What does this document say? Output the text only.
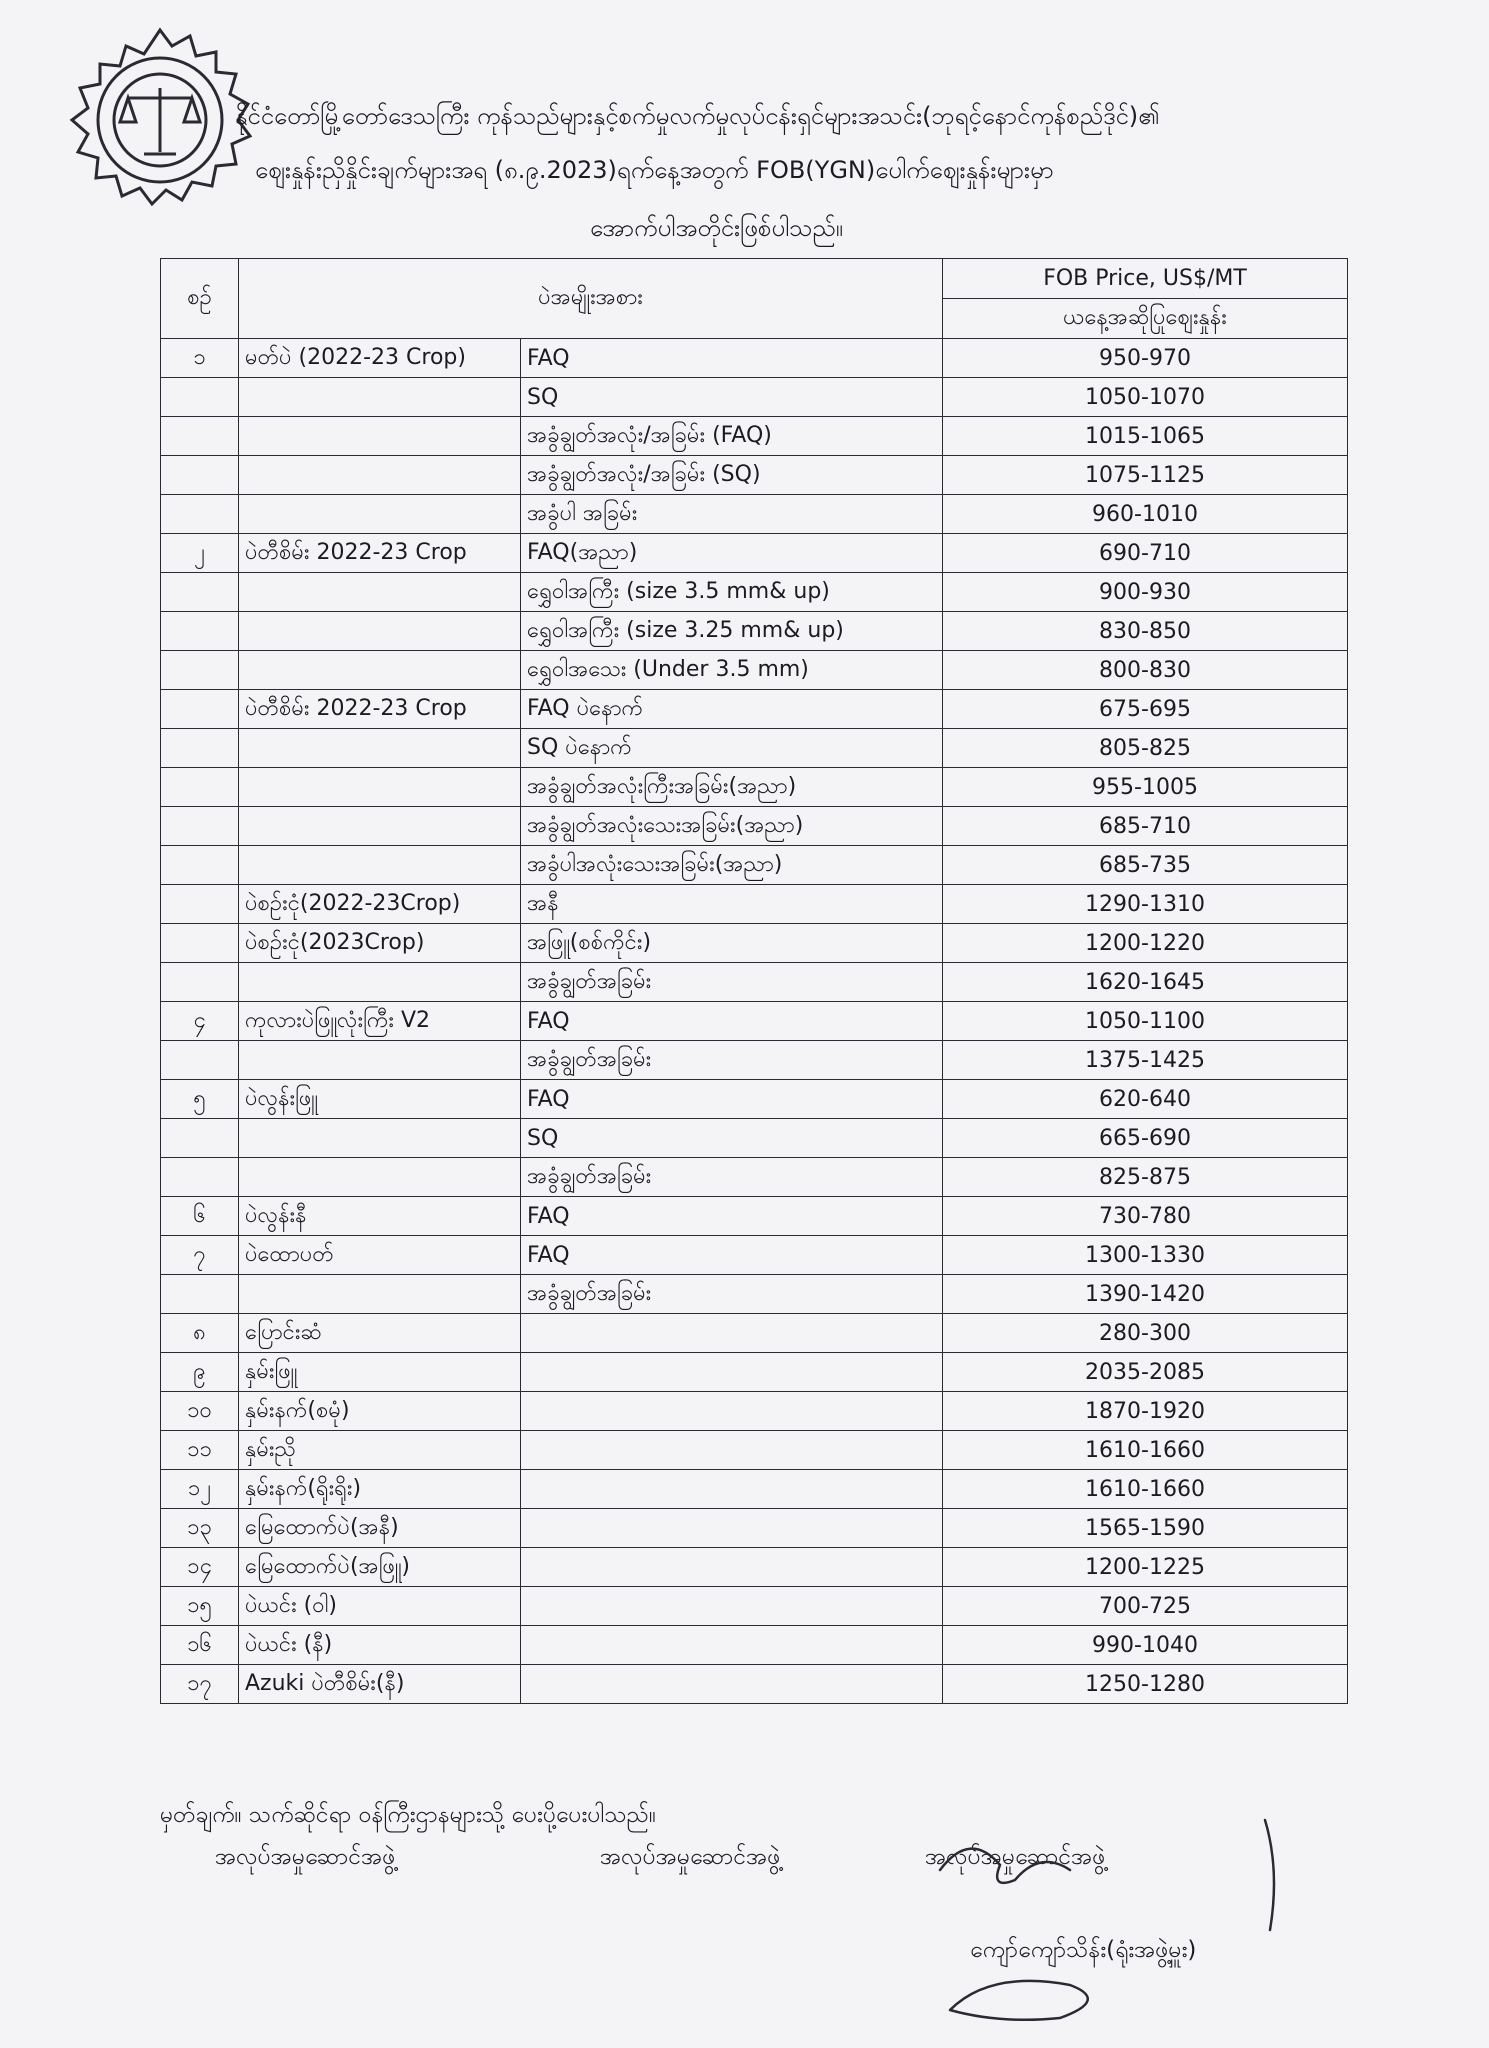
နိုင်ငံတော်မြို့တော်ဒေသကြီး ကုန်သည်များနှင့်စက်မှုလက်မှုလုပ်ငန်းရှင်များအသင်း(ဘုရင့်နောင်ကုန်စည်ဒိုင်)၏
ဈေးနှုန်းညှိနှိုင်းချက်များအရ (၈.၉.2023)ရက်နေ့အတွက် FOB(YGN)ပေါက်ဈေးနှုန်းများမှာ
အောက်ပါအတိုင်းဖြစ်ပါသည်။
စဉ်	ပဲအမျိုးအစား		FOB Price, US$/MT
			ယနေ့အဆိုပြုဈေးနှုန်း
၁	မတ်ပဲ (2022-23 Crop)	FAQ	950-970
		SQ	1050-1070
		အခွံချွတ်အလုံး/အခြမ်း (FAQ)	1015-1065
		အခွံချွတ်အလုံး/အခြမ်း (SQ)	1075-1125
		အခွံပါ အခြမ်း	960-1010
၂	ပဲတီစိမ်း 2022-23 Crop	FAQ(အညာ)	690-710
		ရွှေဝါအကြီး (size 3.5 mm& up)	900-930
		ရွှေဝါအကြီး (size 3.25 mm& up)	830-850
		ရွှေဝါအသေး (Under 3.5 mm)	800-830
	ပဲတီစိမ်း 2022-23 Crop	FAQ ပဲနောက်	675-695
		SQ ပဲနောက်	805-825
		အခွံချွတ်အလုံးကြီးအခြမ်း(အညာ)	955-1005
		အခွံချွတ်အလုံးသေးအခြမ်း(အညာ)	685-710
		အခွံပါအလုံးသေးအခြမ်း(အညာ)	685-735
	ပဲစဉ်းငုံ(2022-23Crop)	အနီ	1290-1310
	ပဲစဉ်းငုံ(2023Crop)	အဖြူ(စစ်ကိုင်း)	1200-1220
		အခွံချွတ်အခြမ်း	1620-1645
၄	ကုလားပဲဖြူလုံးကြီး V2	FAQ	1050-1100
		အခွံချွတ်အခြမ်း	1375-1425
၅	ပဲလွန်းဖြူ	FAQ	620-640
		SQ	665-690
		အခွံချွတ်အခြမ်း	825-875
၆	ပဲလွန်းနီ	FAQ	730-780
၇	ပဲထောပတ်	FAQ	1300-1330
		အခွံချွတ်အခြမ်း	1390-1420
၈	ပြောင်းဆံ		280-300
၉	နှမ်းဖြူ		2035-2085
၁၀	နှမ်းနက်(စမုံ)		1870-1920
၁၁	နှမ်းညို		1610-1660
၁၂	နှမ်းနက်(ရိုးရိုး)		1610-1660
၁၃	မြေထောက်ပဲ(အနီ)		1565-1590
၁၄	မြေထောက်ပဲ(အဖြူ)		1200-1225
၁၅	ပဲယင်း (ဝါ)		700-725
၁၆	ပဲယင်း (နီ)		990-1040
၁၇	Azuki ပဲတီစိမ်း(နီ)		1250-1280
မှတ်ချက်။ သက်ဆိုင်ရာ ဝန်ကြီးဌာနများသို့ ပေးပို့ပေးပါသည်။
အလုပ်အမှုဆောင်အဖွဲ့	အလုပ်အမှုဆောင်အဖွဲ့	အလုပ်အမှုဆောင်အဖွဲ့
ကျော်ကျော်သိန်း(ရုံးအဖွဲ့မှူး)
